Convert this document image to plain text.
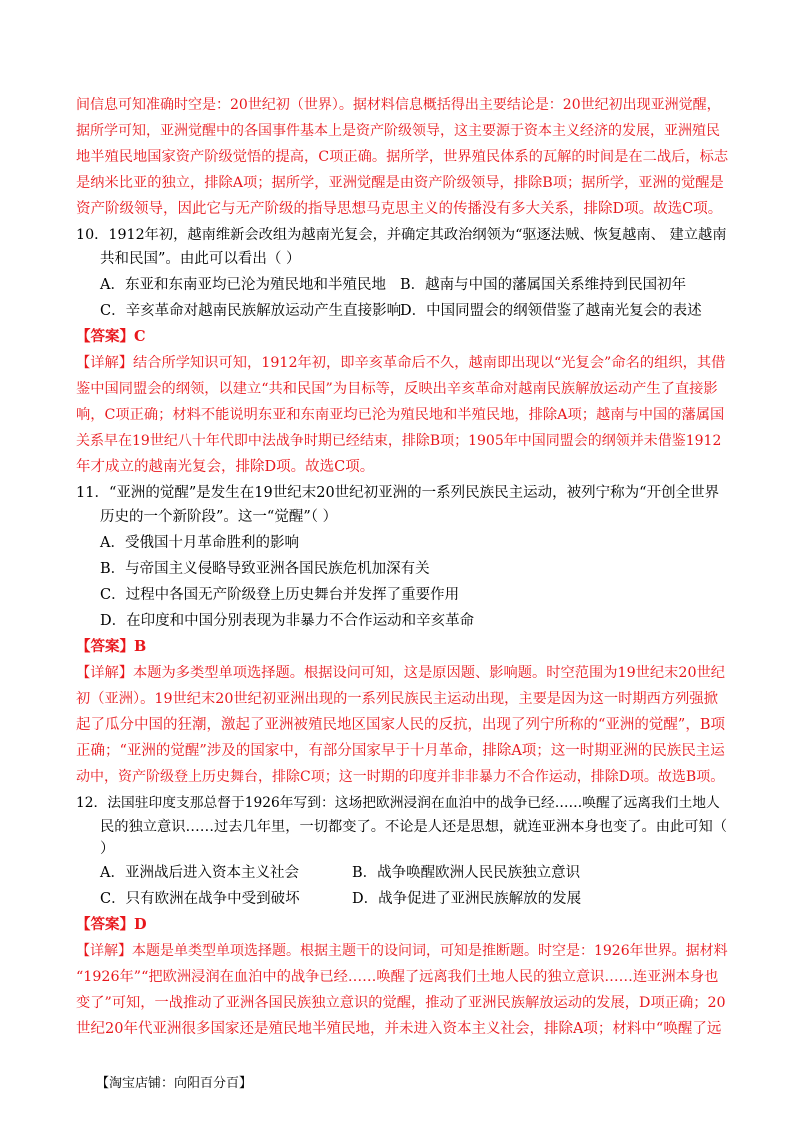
间信息可知准确时空是：20世纪初（世界）。据材料信息概括得出主要结论是：20世纪初出现亚洲觉醒，
据所学可知，亚洲觉醒中的各国事件基本上是资产阶级领导，这主要源于资本主义经济的发展，亚洲殖民
地半殖民地国家资产阶级觉悟的提高，C项正确。据所学，世界殖民体系的瓦解的时间是在二战后，标志
是纳米比亚的独立，排除A项；据所学，亚洲觉醒是由资产阶级领导，排除B项；据所学，亚洲的觉醒是
资产阶级领导，因此它与无产阶级的指导思想马克思主义的传播没有多大关系，排除D项。故选C项。
10．1912年初，越南维新会改组为越南光复会，并确定其政治纲领为“驱逐法贼、恢复越南、 建立越南
共和民国”。由此可以看出（ ）
A．东亚和东南亚均已沦为殖民地和半殖民地 B．越南与中国的藩属国关系维持到民国初年
C．辛亥革命对越南民族解放运动产生直接影响
D．中国同盟会的纲领借鉴了越南光复会的表述
【答案】C
【详解】结合所学知识可知，1912年初，即辛亥革命后不久，越南即出现以“光复会”命名的组织，其借
鉴中国同盟会的纲领，以建立“共和民国”为目标等，反映出辛亥革命对越南民族解放运动产生了直接影
响，C项正确；材料不能说明东亚和东南亚均已沦为殖民地和半殖民地，排除A项；越南与中国的藩属国
关系早在19世纪八十年代即中法战争时期已经结束，排除B项；1905年中国同盟会的纲领并未借鉴1912
年才成立的越南光复会，排除D项。故选C项。
11．“亚洲的觉醒”是发生在19世纪末20世纪初亚洲的一系列民族民主运动，被列宁称为“开创全世界
历史的一个新阶段”。这一“觉醒”（ ）
A．受俄国十月革命胜利的影响
B．与帝国主义侵略导致亚洲各国民族危机加深有关
C．过程中各国无产阶级登上历史舞台并发挥了重要作用
D．在印度和中国分别表现为非暴力不合作运动和辛亥革命
【答案】B
【详解】本题为多类型单项选择题。根据设问可知，这是原因题、影响题。时空范围为19世纪末20世纪
初（亚洲）。19世纪末20世纪初亚洲出现的一系列民族民主运动出现，主要是因为这一时期西方列强掀
起了瓜分中国的狂潮，激起了亚洲被殖民地区国家人民的反抗，出现了列宁所称的“亚洲的觉醒”，B项
正确；“亚洲的觉醒”涉及的国家中，有部分国家早于十月革命，排除A项；这一时期亚洲的民族民主运
动中，资产阶级登上历史舞台，排除C项；这一时期的印度并非非暴力不合作运动，排除D项。故选B项。
12．法国驻印度支那总督于1926年写到：这场把欧洲浸润在血泊中的战争已经……唤醒了远离我们土地人
民的独立意识……过去几年里，一切都变了。不论是人还是思想，就连亚洲本身也变了。由此可知（
）
A．亚洲战后进入资本主义社会	B．战争唤醒欧洲人民民族独立意识
C．只有欧洲在战争中受到破坏	D．战争促进了亚洲民族解放的发展
【答案】D
【详解】本题是单类型单项选择题。根据主题干的设问词，可知是推断题。时空是：1926年世界。据材料
“1926年”“把欧洲浸润在血泊中的战争已经……唤醒了远离我们土地人民的独立意识……连亚洲本身也
变了”可知，一战推动了亚洲各国民族独立意识的觉醒，推动了亚洲民族解放运动的发展，D项正确；20
世纪20年代亚洲很多国家还是殖民地半殖民地，并未进入资本主义社会，排除A项；材料中“唤醒了远
【淘宝店铺：向阳百分百】
